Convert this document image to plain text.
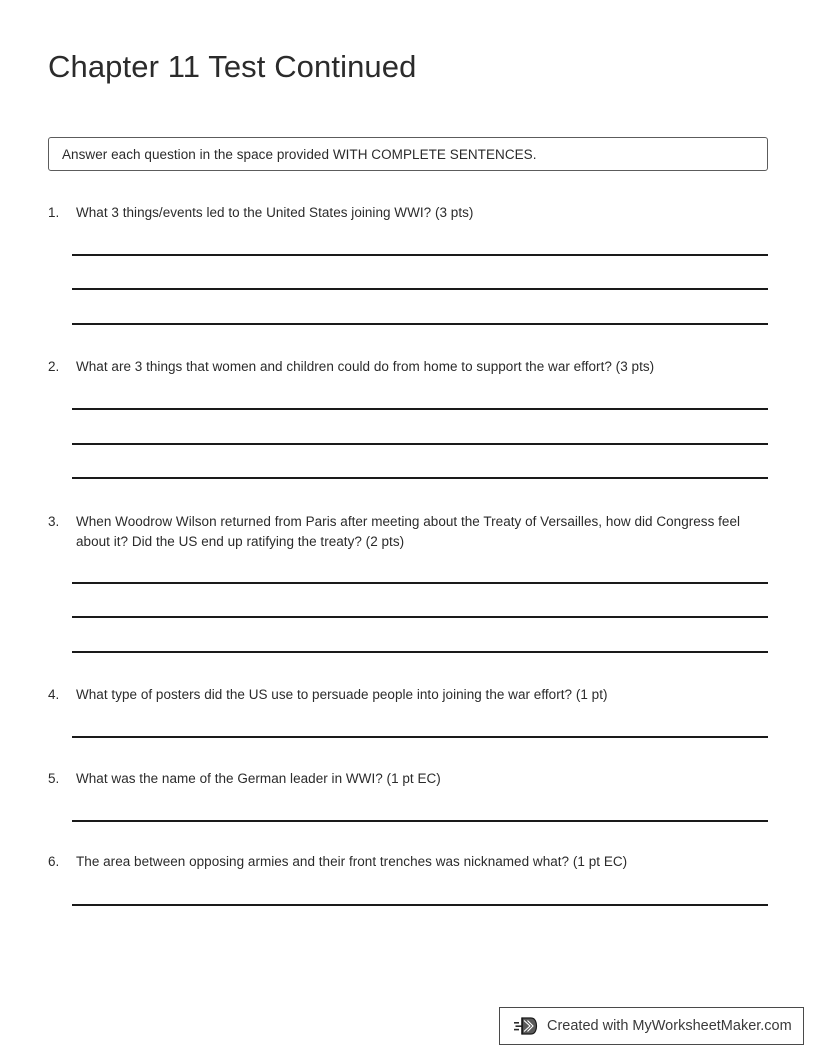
Chapter 11 Test Continued
Answer each question in the space provided WITH COMPLETE SENTENCES.
1.	What 3 things/events led to the United States joining WWI? (3 pts)
2.	What are 3 things that women and children could do from home to support the war effort? (3 pts)
3.	When Woodrow Wilson returned from Paris after meeting about the Treaty of Versailles, how did Congress feel about it? Did the US end up ratifying the treaty? (2 pts)
4.	What type of posters did the US use to persuade people into joining the war effort? (1 pt)
5.	What was the name of the German leader in WWI? (1 pt EC)
6.	The area between opposing armies and their front trenches was nicknamed what? (1 pt EC)
Created with MyWorksheetMaker.com
